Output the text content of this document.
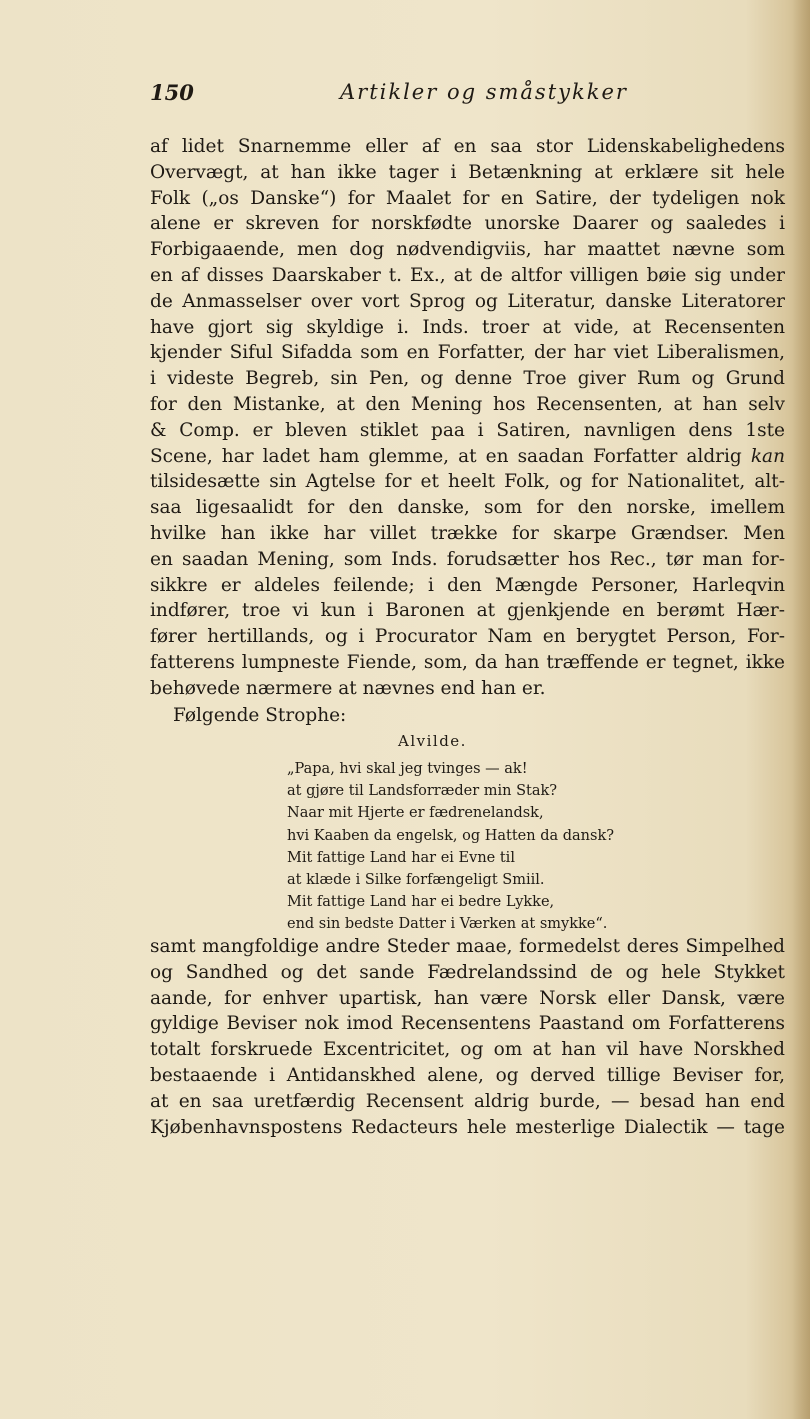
150	Artikler og småstykker
af lidet Snarnemme eller af en saa stor Lidenskabelighedens
Overvægt, at han ikke tager i Betænkning at erklære sit hele
Folk („os Danske“) for Maalet for en Satire, der tydeligen nok
alene er skreven for norskfødte unorske Daarer og saaledes i
Forbigaaende, men dog nødvendigviis, har maattet nævne som
en af disses Daarskaber t. Ex., at de altfor villigen bøie sig under
de Anmasselser over vort Sprog og Literatur, danske Literatorer
have gjort sig skyldige i. Inds. troer at vide, at Recensenten
kjender Siful Sifadda som en Forfatter, der har viet Liberalismen,
i videste Begreb, sin Pen, og denne Troe giver Rum og Grund
for den Mistanke, at den Mening hos Recensenten, at han selv
& Comp. er bleven stiklet paa i Satiren, navnligen dens 1ste
Scene, har ladet ham glemme, at en saadan Forfatter aldrig kan
tilsidesætte sin Agtelse for et heelt Folk, og for Nationalitet, alt-
saa ligesaalidt for den danske, som for den norske, imellem
hvilke han ikke har villet trække for skarpe Grændser. Men
en saadan Mening, som Inds. forudsætter hos Rec., tør man for-
sikkre er aldeles feilende; i den Mængde Personer, Harleqvin
indfører, troe vi kun i Baronen at gjenkjende en berømt Hær-
fører hertillands, og i Procurator Nam en berygtet Person, For-
fatterens lumpneste Fiende, som, da han træffende er tegnet, ikke
behøvede nærmere at nævnes end han er.
Følgende Strophe:
Alvilde.
„Papa, hvi skal jeg tvinges — ak!
at gjøre til Landsforræder min Stak?
Naar mit Hjerte er fædrenelandsk,
hvi Kaaben da engelsk, og Hatten da dansk?
Mit fattige Land har ei Evne til
at klæde i Silke forfængeligt Smiil.
Mit fattige Land har ei bedre Lykke,
end sin bedste Datter i Værken at smykke“.
samt mangfoldige andre Steder maae, formedelst deres Simpelhed
og Sandhed og det sande Fædrelandssind de og hele Stykket
aande, for enhver upartisk, han være Norsk eller Dansk, være
gyldige Beviser nok imod Recensentens Paastand om Forfatterens
totalt forskruede Excentricitet, og om at han vil have Norskhed
bestaaende i Antidanskhed alene, og derved tillige Beviser for,
at en saa uretfærdig Recensent aldrig burde, — besad han end
Kjøbenhavnspostens Redacteurs hele mesterlige Dialectik — tage
